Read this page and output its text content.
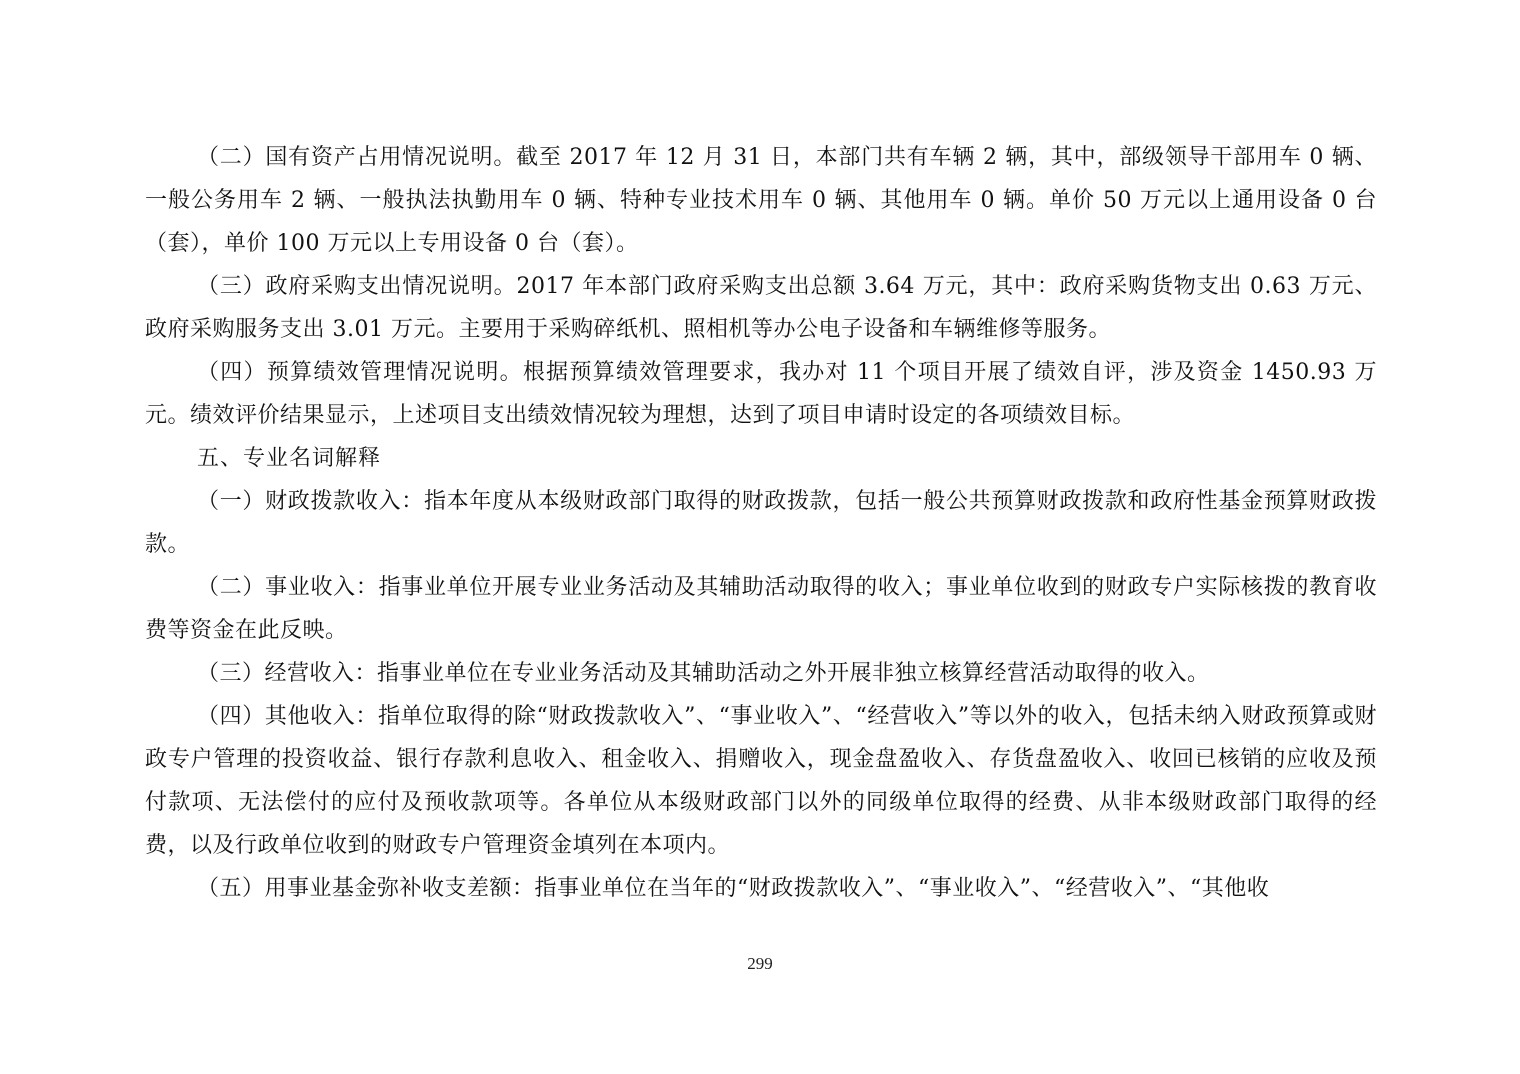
（二）国有资产占用情况说明。截至 2017 年 12 月 31 日，本部门共有车辆 2 辆，其中，部级领导干部用车 0 辆、一般公务用车 2 辆、一般执法执勤用车 0 辆、特种专业技术用车 0 辆、其他用车 0 辆。单价 50 万元以上通用设备 0 台（套），单价 100 万元以上专用设备 0 台（套）。

（三）政府采购支出情况说明。2017 年本部门政府采购支出总额 3.64 万元，其中：政府采购货物支出 0.63 万元、政府采购服务支出 3.01 万元。主要用于采购碎纸机、照相机等办公电子设备和车辆维修等服务。

（四）预算绩效管理情况说明。根据预算绩效管理要求，我办对 11 个项目开展了绩效自评，涉及资金 1450.93 万元。绩效评价结果显示，上述项目支出绩效情况较为理想，达到了项目申请时设定的各项绩效目标。

五、专业名词解释

（一）财政拨款收入：指本年度从本级财政部门取得的财政拨款，包括一般公共预算财政拨款和政府性基金预算财政拨款。

（二）事业收入：指事业单位开展专业业务活动及其辅助活动取得的收入；事业单位收到的财政专户实际核拨的教育收费等资金在此反映。

（三）经营收入：指事业单位在专业业务活动及其辅助活动之外开展非独立核算经营活动取得的收入。

（四）其他收入：指单位取得的除“财政拨款收入”、“事业收入”、“经营收入”等以外的收入，包括未纳入财政预算或财政专户管理的投资收益、银行存款利息收入、租金收入、捐赠收入，现金盘盈收入、存货盘盈收入、收回已核销的应收及预付款项、无法偿付的应付及预收款项等。各单位从本级财政部门以外的同级单位取得的经费、从非本级财政部门取得的经费，以及行政单位收到的财政专户管理资金填列在本项内。

（五）用事业基金弥补收支差额：指事业单位在当年的“财政拨款收入”、“事业收入”、“经营收入”、“其他收

299
